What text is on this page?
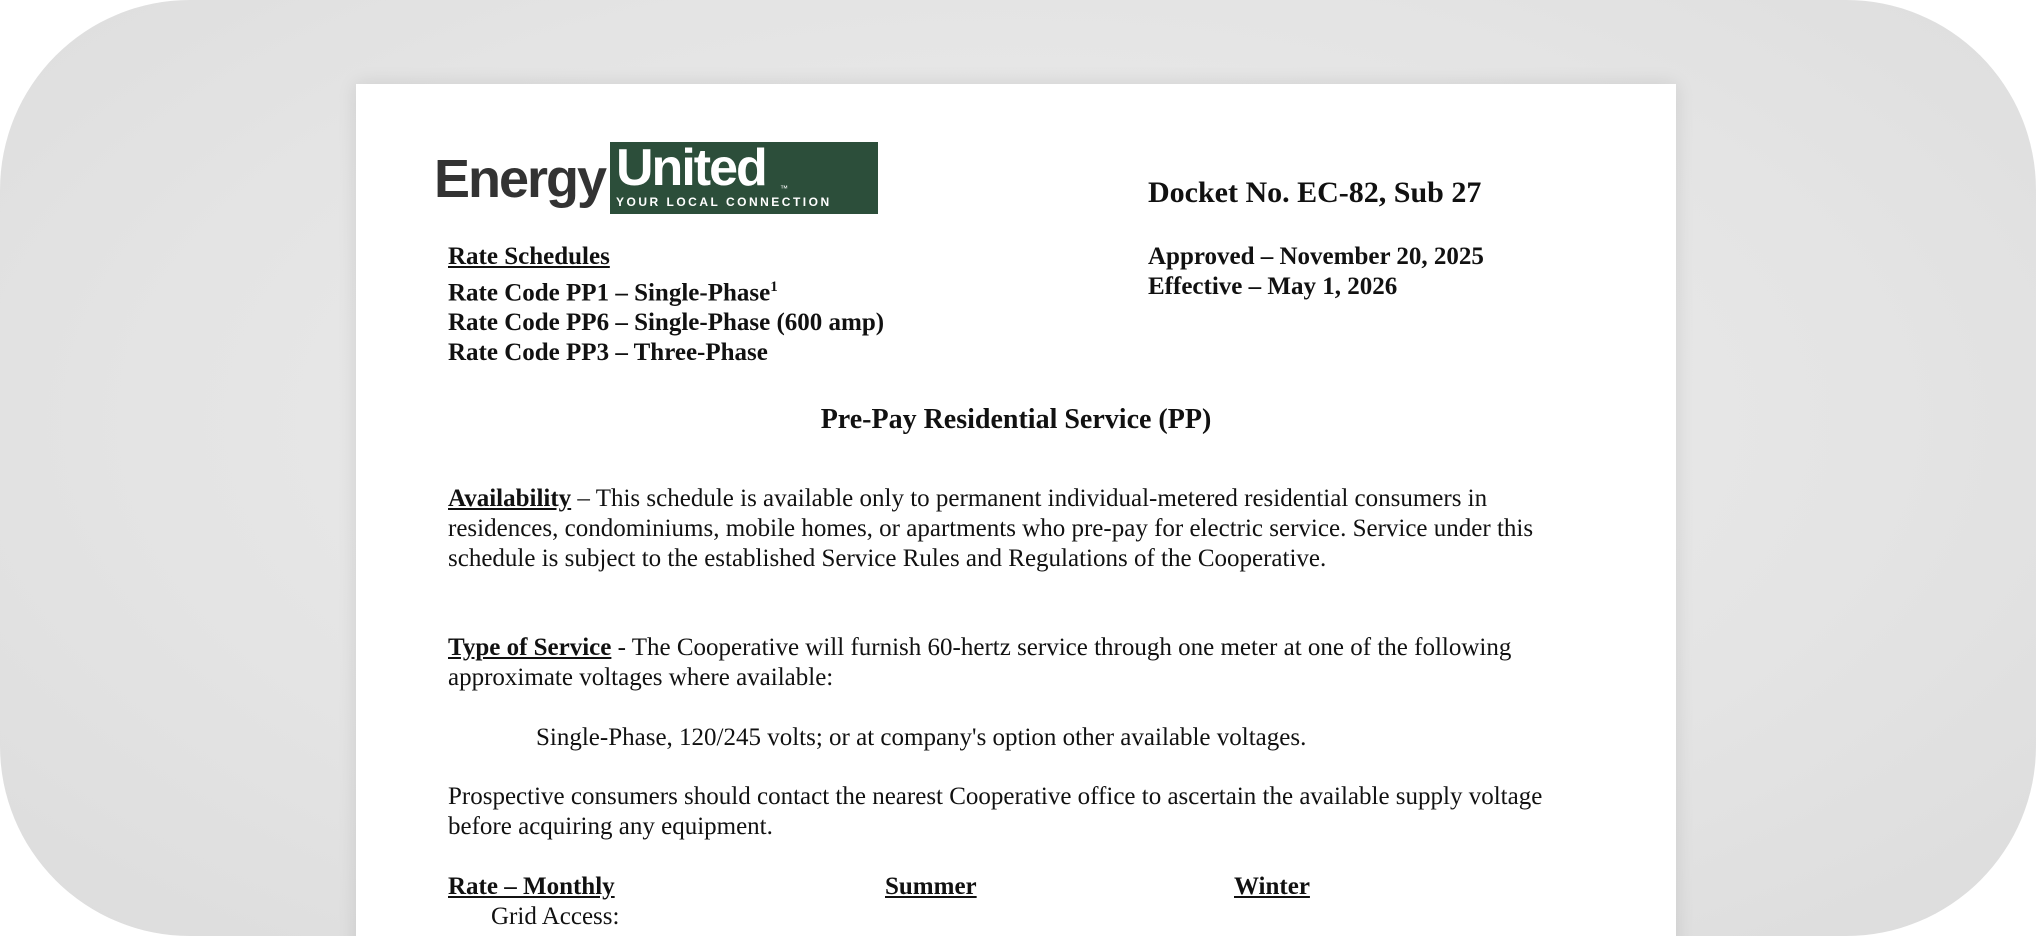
Energy United ™
YOUR LOCAL CONNECTION	Docket No. EC-82, Sub 27
Rate Schedules
Rate Code PP1 – Single-Phase$^1$
Rate Code PP6 – Single-Phase (600 amp)
Rate Code PP3 – Three-Phase
Approved – November 20, 2025
Effective – May 1, 2026
Pre-Pay Residential Service (PP)
Availability – This schedule is available only to permanent individual-metered residential consumers in residences, condominiums, mobile homes, or apartments who pre-pay for electric service. Service under this schedule is subject to the established Service Rules and Regulations of the Cooperative.
Type of Service - The Cooperative will furnish 60-hertz service through one meter at one of the following approximate voltages where available:
Single-Phase, 120/245 volts; or at company's option other available voltages.
Prospective consumers should contact the nearest Cooperative office to ascertain the available supply voltage before acquiring any equipment.
Rate – Monthly	Summer	Winter
Grid Access:
